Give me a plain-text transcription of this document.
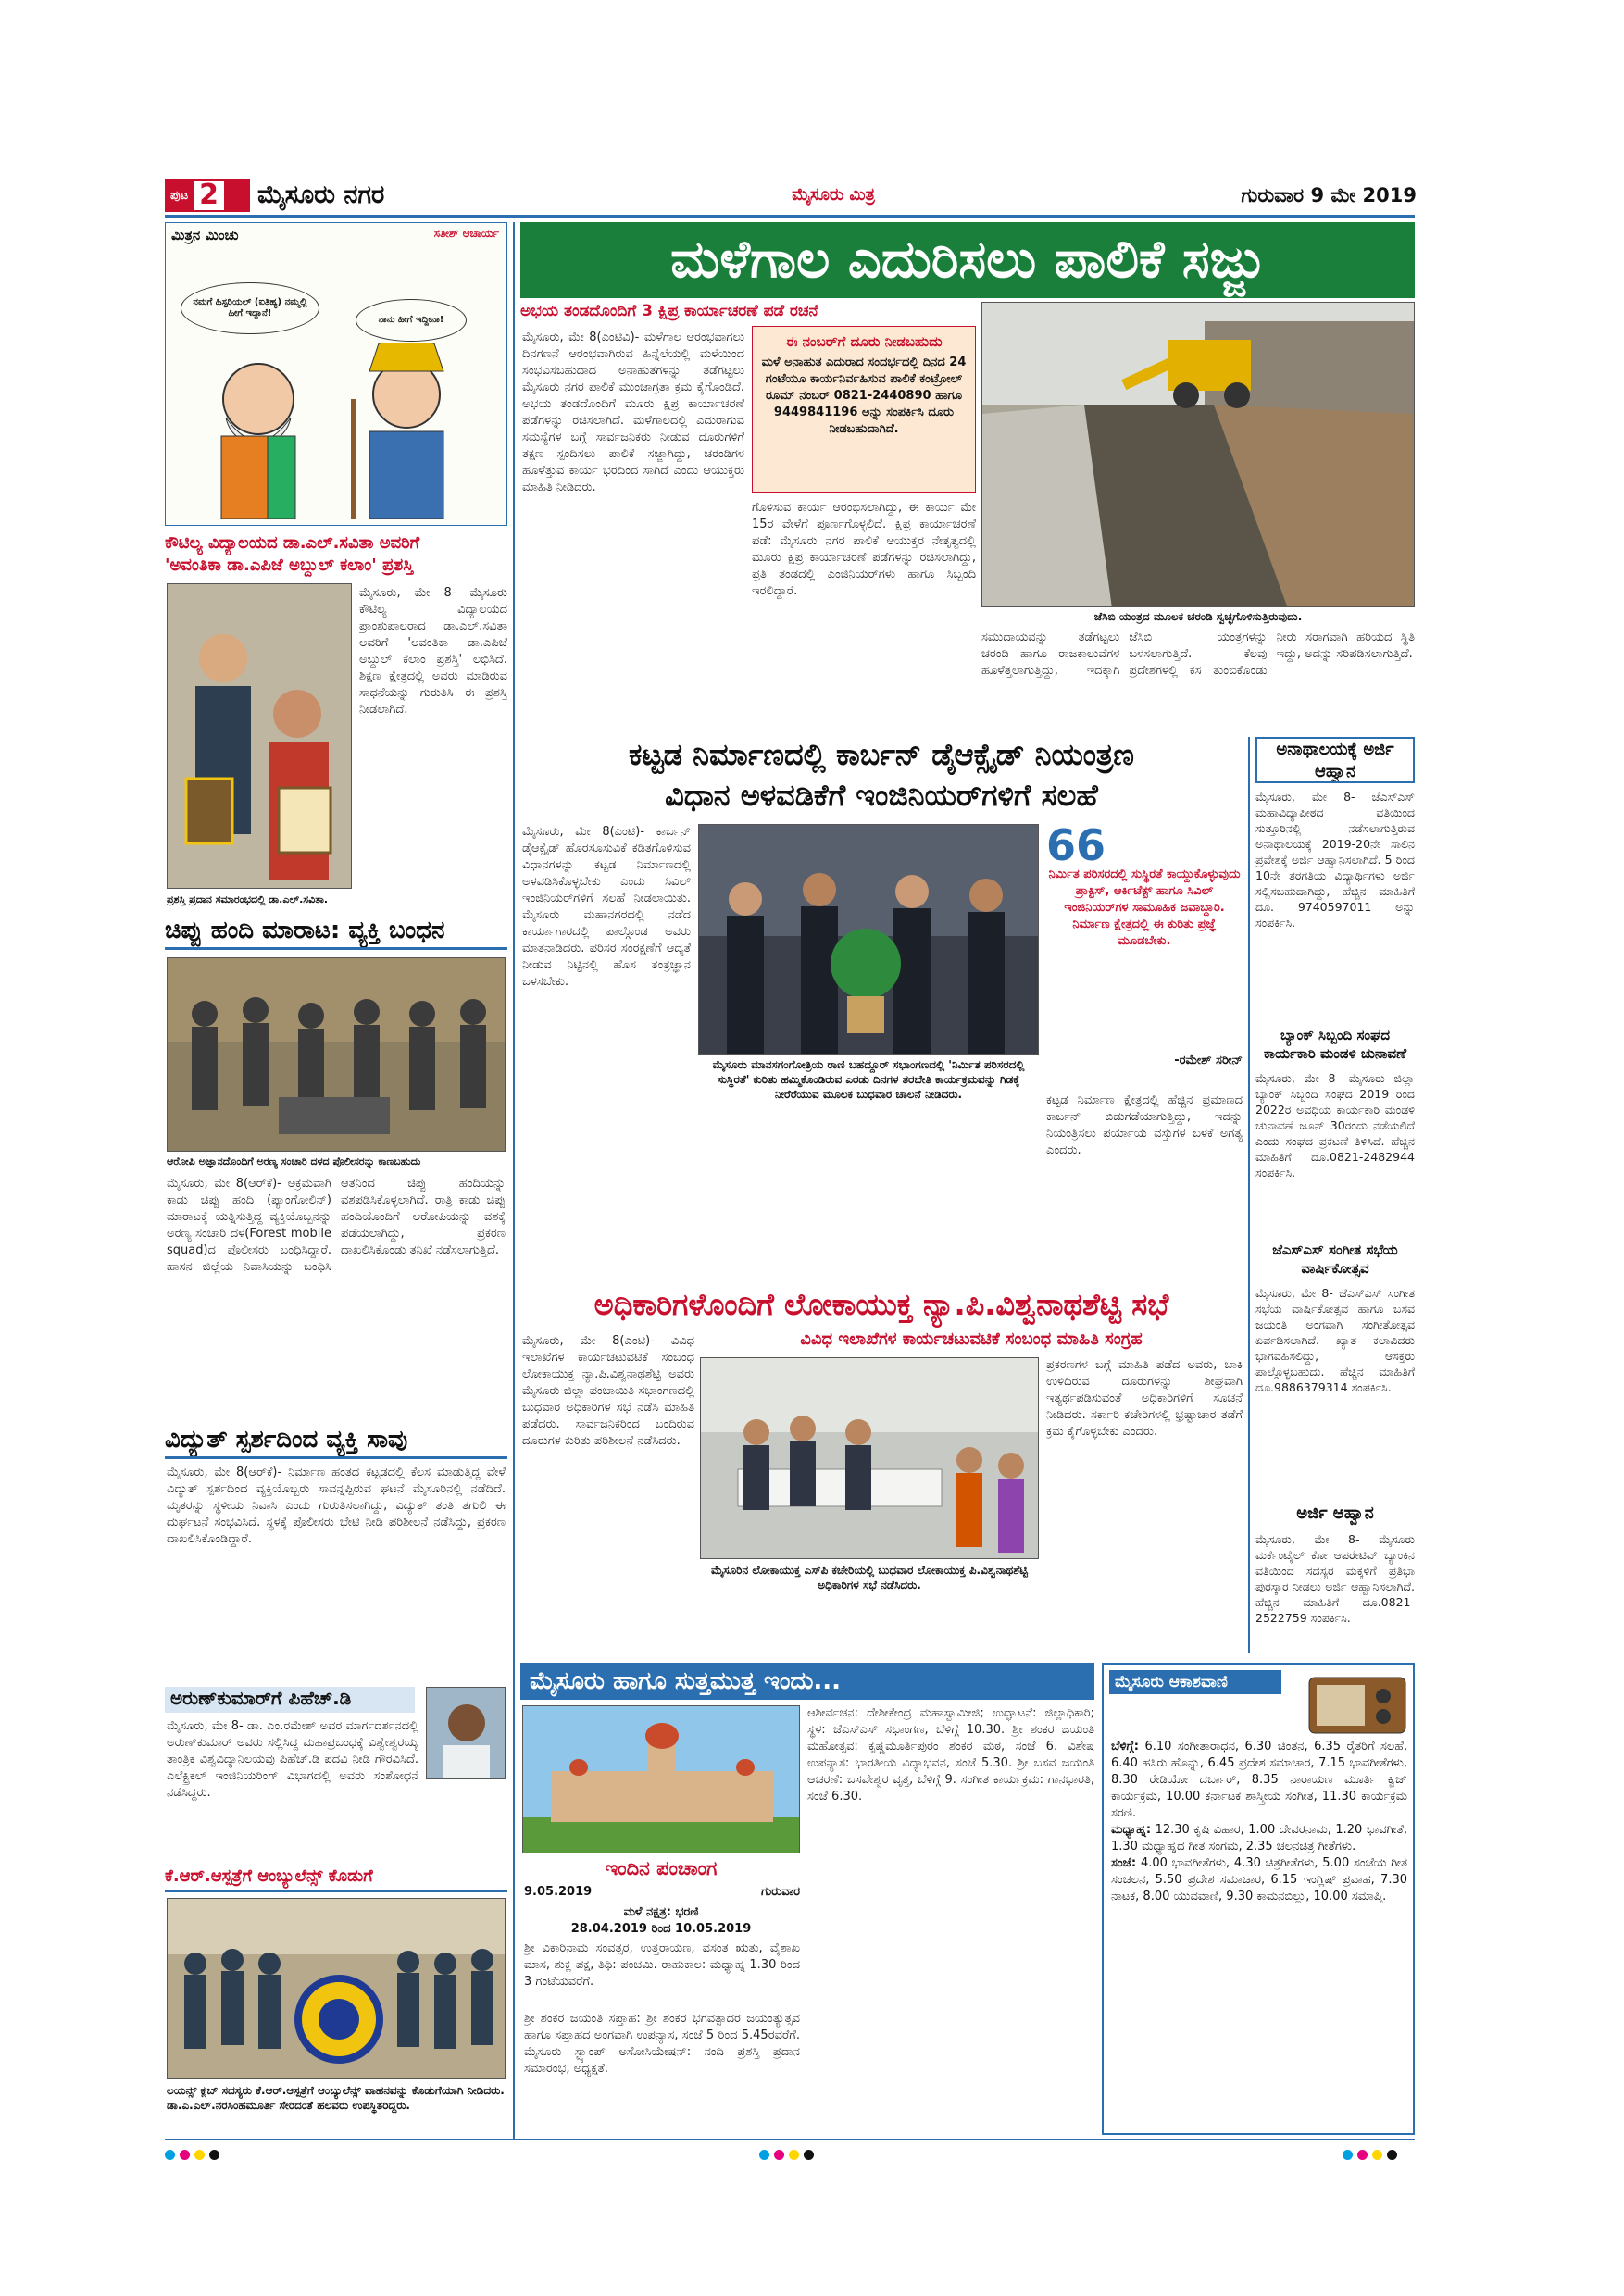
ಪುಟ 2 ಮೈಸೂರು ನಗರ	ಮೈಸೂರು ಮಿತ್ರ	ಗುರುವಾರ 9 ಮೇ 2019
ಮಿತ್ರನ ಮಿಂಚು	ಸತೀಶ್ ಆಚಾರ್ಯ
ನಮಗೆ ಹಿಸ್ಟರಿಯಲ್ (ಐತಿಹ್ಯ) ನಮ್ಮಲ್ಲಿ ಹೀಗೆ ಇದ್ದಾನೆ!
ನಾನು ಹೀಗೆ ಇದ್ದೀನಾ!
ಕೌಟಿಲ್ಯ ವಿದ್ಯಾಲಯದ ಡಾ.ಎಲ್.ಸವಿತಾ ಅವರಿಗೆ
'ಅವಂತಿಕಾ ಡಾ.ಎಪಿಜೆ ಅಬ್ದುಲ್ ಕಲಾಂ' ಪ್ರಶಸ್ತಿ
ಮೈಸೂರು, ಮೇ 8- ಮೈಸೂರು ಕೌಟಿಲ್ಯ ವಿದ್ಯಾಲಯದ ಪ್ರಾಂಶುಪಾಲರಾದ ಡಾ.ಎಲ್.ಸವಿತಾ ಅವರಿಗೆ 'ಅವಂತಿಕಾ ಡಾ.ಎಪಿಜೆ ಅಬ್ದುಲ್ ಕಲಾಂ ಪ್ರಶಸ್ತಿ' ಲಭಿಸಿದೆ. ಶಿಕ್ಷಣ ಕ್ಷೇತ್ರದಲ್ಲಿ ಅವರು ಮಾಡಿರುವ ಸಾಧನೆಯನ್ನು ಗುರುತಿಸಿ ಈ ಪ್ರಶಸ್ತಿ ನೀಡಲಾಗಿದೆ.
ಪ್ರಶಸ್ತಿ ಪ್ರದಾನ ಸಮಾರಂಭದಲ್ಲಿ ಡಾ.ಎಲ್.ಸವಿತಾ.
ಚಿಪ್ಪು ಹಂದಿ ಮಾರಾಟ: ವ್ಯಕ್ತಿ ಬಂಧನ
ಆರೋಪಿ ಅಜ್ಞಾನದೊಂದಿಗೆ ಅರಣ್ಯ ಸಂಚಾರಿ ದಳದ ಪೊಲೀಸರನ್ನು ಕಾಣಬಹುದು
ಮೈಸೂರು, ಮೇ 8(ಆರ್‌ಕೆ)- ಅಕ್ರಮವಾಗಿ ಕಾಡು ಚಿಪ್ಪು ಹಂದಿ (ಪ್ಯಾಂಗೋಲಿನ್) ಮಾರಾಟಕ್ಕೆ ಯತ್ನಿಸುತ್ತಿದ್ದ ವ್ಯಕ್ತಿಯೊಬ್ಬನನ್ನು ಅರಣ್ಯ ಸಂಚಾರಿ ದಳ(Forest mobile squad)ದ ಪೊಲೀಸರು ಬಂಧಿಸಿದ್ದಾರೆ. ಹಾಸನ ಜಿಲ್ಲೆಯ ನಿವಾಸಿಯನ್ನು ಬಂಧಿಸಿ ಆತನಿಂದ ಚಿಪ್ಪು ಹಂದಿಯನ್ನು ವಶಪಡಿಸಿಕೊಳ್ಳಲಾಗಿದೆ. ರಾತ್ರಿ ಕಾಡು ಚಿಪ್ಪು ಹಂದಿಯೊಂದಿಗೆ ಆರೋಪಿಯನ್ನು ವಶಕ್ಕೆ ಪಡೆಯಲಾಗಿದ್ದು, ಪ್ರಕರಣ ದಾಖಲಿಸಿಕೊಂಡು ತನಿಖೆ ನಡೆಸಲಾಗುತ್ತಿದೆ.
ವಿದ್ಯುತ್ ಸ್ಪರ್ಶದಿಂದ ವ್ಯಕ್ತಿ ಸಾವು
ಮೈಸೂರು, ಮೇ 8(ಆರ್‌ಕೆ)- ನಿರ್ಮಾಣ ಹಂತದ ಕಟ್ಟಡದಲ್ಲಿ ಕೆಲಸ ಮಾಡುತ್ತಿದ್ದ ವೇಳೆ ವಿದ್ಯುತ್ ಸ್ಪರ್ಶದಿಂದ ವ್ಯಕ್ತಿಯೊಬ್ಬರು ಸಾವನ್ನಪ್ಪಿರುವ ಘಟನೆ ಮೈಸೂರಿನಲ್ಲಿ ನಡೆದಿದೆ. ಮೃತರನ್ನು ಸ್ಥಳೀಯ ನಿವಾಸಿ ಎಂದು ಗುರುತಿಸಲಾಗಿದ್ದು, ವಿದ್ಯುತ್ ತಂತಿ ತಗುಲಿ ಈ ದುರ್ಘಟನೆ ಸಂಭವಿಸಿದೆ. ಸ್ಥಳಕ್ಕೆ ಪೊಲೀಸರು ಭೇಟಿ ನೀಡಿ ಪರಿಶೀಲನೆ ನಡೆಸಿದ್ದು, ಪ್ರಕರಣ ದಾಖಲಿಸಿಕೊಂಡಿದ್ದಾರೆ.
ಅರುಣ್‌ಕುಮಾರ್‌ಗೆ ಪಿಹೆಚ್.ಡಿ
ಮೈಸೂರು, ಮೇ 8- ಡಾ. ಎಂ.ರಮೇಶ್ ಅವರ ಮಾರ್ಗದರ್ಶನದಲ್ಲಿ ಅರುಣ್‌ಕುಮಾರ್ ಅವರು ಸಲ್ಲಿಸಿದ್ದ ಮಹಾಪ್ರಬಂಧಕ್ಕೆ ವಿಶ್ವೇಶ್ವರಯ್ಯ ತಾಂತ್ರಿಕ ವಿಶ್ವವಿದ್ಯಾನಿಲಯವು ಪಿಹೆಚ್.ಡಿ ಪದವಿ ನೀಡಿ ಗೌರವಿಸಿದೆ. ಎಲೆಕ್ಟ್ರಿಕಲ್ ಇಂಜಿನಿಯರಿಂಗ್ ವಿಭಾಗದಲ್ಲಿ ಅವರು ಸಂಶೋಧನೆ ನಡೆಸಿದ್ದರು.
ಕೆ.ಆರ್.ಆಸ್ಪತ್ರೆಗೆ ಆಂಬ್ಯುಲೆನ್ಸ್ ಕೊಡುಗೆ
ಲಯನ್ಸ್ ಕ್ಲಬ್ ಸದಸ್ಯರು ಕೆ.ಆರ್.ಆಸ್ಪತ್ರೆಗೆ ಆಂಬ್ಯುಲೆನ್ಸ್ ವಾಹನವನ್ನು ಕೊಡುಗೆಯಾಗಿ ನೀಡಿದರು. ಡಾ.ಎ.ಎಲ್.ನರಸಿಂಹಮೂರ್ತಿ ಸೇರಿದಂತೆ ಹಲವರು ಉಪಸ್ಥಿತರಿದ್ದರು.
ಮಳೆಗಾಲ ಎದುರಿಸಲು ಪಾಲಿಕೆ ಸಜ್ಜು
ಅಭಯ ತಂಡದೊಂದಿಗೆ 3 ಕ್ಷಿಪ್ರ ಕಾರ್ಯಾಚರಣೆ ಪಡೆ ರಚನೆ
ಮೈಸೂರು, ಮೇ 8(ಎಂಟಿವಿ)- ಮಳೆಗಾಲ ಆರಂಭವಾಗಲು ದಿನಗಣನೆ ಆರಂಭವಾಗಿರುವ ಹಿನ್ನೆಲೆಯಲ್ಲಿ ಮಳೆಯಿಂದ ಸಂಭವಿಸಬಹುದಾದ ಅನಾಹುತಗಳನ್ನು ತಡೆಗಟ್ಟಲು ಮೈಸೂರು ನಗರ ಪಾಲಿಕೆ ಮುಂಜಾಗ್ರತಾ ಕ್ರಮ ಕೈಗೊಂಡಿದೆ. ಅಭಯ ತಂಡದೊಂದಿಗೆ ಮೂರು ಕ್ಷಿಪ್ರ ಕಾರ್ಯಾಚರಣೆ ಪಡೆಗಳನ್ನು ರಚಿಸಲಾಗಿದೆ. ಮಳೆಗಾಲದಲ್ಲಿ ಎದುರಾಗುವ ಸಮಸ್ಯೆಗಳ ಬಗ್ಗೆ ಸಾರ್ವಜನಿಕರು ನೀಡುವ ದೂರುಗಳಿಗೆ ತಕ್ಷಣ ಸ್ಪಂದಿಸಲು ಪಾಲಿಕೆ ಸಜ್ಜಾಗಿದ್ದು, ಚರಂಡಿಗಳ ಹೂಳೆತ್ತುವ ಕಾರ್ಯ ಭರದಿಂದ ಸಾಗಿದೆ ಎಂದು ಆಯುಕ್ತರು ಮಾಹಿತಿ ನೀಡಿದರು.
ಈ ನಂಬರ್‌ಗೆ ದೂರು ನೀಡಬಹುದು
ಮಳೆ ಅನಾಹುತ ಎದುರಾದ ಸಂದರ್ಭದಲ್ಲಿ ದಿನದ 24 ಗಂಟೆಯೂ ಕಾರ್ಯನಿರ್ವಹಿಸುವ ಪಾಲಿಕೆ ಕಂಟ್ರೋಲ್ ರೂಮ್ ನಂಬರ್ 0821-2440890 ಹಾಗೂ 9449841196 ಅನ್ನು ಸಂಪರ್ಕಿಸಿ ದೂರು ನೀಡಬಹುದಾಗಿದೆ.
ಗೊಳಿಸುವ ಕಾರ್ಯ ಆರಂಭಿಸಲಾಗಿದ್ದು, ಈ ಕಾರ್ಯ ಮೇ 15ರ ವೇಳೆಗೆ ಪೂರ್ಣಗೊಳ್ಳಲಿದೆ. ಕ್ಷಿಪ್ರ ಕಾರ್ಯಾಚರಣೆ ಪಡೆ: ಮೈಸೂರು ನಗರ ಪಾಲಿಕೆ ಆಯುಕ್ತರ ನೇತೃತ್ವದಲ್ಲಿ ಮೂರು ಕ್ಷಿಪ್ರ ಕಾರ್ಯಾಚರಣೆ ಪಡೆಗಳನ್ನು ರಚಿಸಲಾಗಿದ್ದು, ಪ್ರತಿ ತಂಡದಲ್ಲಿ ಎಂಜಿನಿಯರ್‌ಗಳು ಹಾಗೂ ಸಿಬ್ಬಂದಿ ಇರಲಿದ್ದಾರೆ.
ಜೆಸಿಬಿ ಯಂತ್ರದ ಮೂಲಕ ಚರಂಡಿ ಸ್ವಚ್ಛಗೊಳಿಸುತ್ತಿರುವುದು.
ಸಮುದಾಯವನ್ನು ತಡೆಗಟ್ಟಲು ಚರಂಡಿ ಹಾಗೂ ರಾಜಕಾಲುವೆಗಳ ಹೂಳೆತ್ತಲಾಗುತ್ತಿದ್ದು, ಇದಕ್ಕಾಗಿ ಜೆಸಿಬಿ ಯಂತ್ರಗಳನ್ನು ಬಳಸಲಾಗುತ್ತಿದೆ. ಕೆಲವು ಪ್ರದೇಶಗಳಲ್ಲಿ ಕಸ ತುಂಬಿಕೊಂಡು ನೀರು ಸರಾಗವಾಗಿ ಹರಿಯದ ಸ್ಥಿತಿ ಇದ್ದು, ಅದನ್ನು ಸರಿಪಡಿಸಲಾಗುತ್ತಿದೆ.
ಕಟ್ಟಡ ನಿರ್ಮಾಣದಲ್ಲಿ ಕಾರ್ಬನ್ ಡೈಆಕ್ಸೈಡ್ ನಿಯಂತ್ರಣ
ವಿಧಾನ ಅಳವಡಿಕೆಗೆ ಇಂಜಿನಿಯರ್‌ಗಳಿಗೆ ಸಲಹೆ
ಮೈಸೂರು, ಮೇ 8(ಎಂಟಿ)- ಕಾರ್ಬನ್ ಡೈಆಕ್ಸೈಡ್ ಹೊರಸೂಸುವಿಕೆ ಕಡಿತಗೊಳಿಸುವ ವಿಧಾನಗಳನ್ನು ಕಟ್ಟಡ ನಿರ್ಮಾಣದಲ್ಲಿ ಅಳವಡಿಸಿಕೊಳ್ಳಬೇಕು ಎಂದು ಸಿವಿಲ್ ಇಂಜಿನಿಯರ್‌ಗಳಿಗೆ ಸಲಹೆ ನೀಡಲಾಯಿತು. ಮೈಸೂರು ಮಹಾನಗರದಲ್ಲಿ ನಡೆದ ಕಾರ್ಯಾಗಾರದಲ್ಲಿ ಪಾಲ್ಗೊಂಡ ಅವರು ಮಾತನಾಡಿದರು. ಪರಿಸರ ಸಂರಕ್ಷಣೆಗೆ ಆದ್ಯತೆ ನೀಡುವ ನಿಟ್ಟಿನಲ್ಲಿ ಹೊಸ ತಂತ್ರಜ್ಞಾನ ಬಳಸಬೇಕು.
ಮೈಸೂರು ಮಾನಸಗಂಗೋತ್ರಿಯ ರಾಣಿ ಬಹದ್ದೂರ್ ಸಭಾಂಗಣದಲ್ಲಿ 'ನಿರ್ಮಿತ ಪರಿಸರದಲ್ಲಿ ಸುಸ್ಥಿರತೆ' ಕುರಿತು ಹಮ್ಮಿಕೊಂಡಿರುವ ಎರಡು ದಿನಗಳ ತರಬೇತಿ ಕಾರ್ಯಕ್ರಮವನ್ನು ಗಿಡಕ್ಕೆ ನೀರೆರೆಯುವ ಮೂಲಕ ಬುಧವಾರ ಚಾಲನೆ ನೀಡಿದರು.
66
ನಿರ್ಮಿತ ಪರಿಸರದಲ್ಲಿ ಸುಸ್ಥಿರತೆ ಕಾಯ್ದುಕೊಳ್ಳುವುದು ಪ್ರಾಕ್ಟಿಸ್, ಆರ್ಕಿಟೆಕ್ಟ್ ಹಾಗೂ ಸಿವಿಲ್ ಇಂಜಿನಿಯರ್‌ಗಳ ಸಾಮೂಹಿಕ ಜವಾಬ್ದಾರಿ. ನಿರ್ಮಾಣ ಕ್ಷೇತ್ರದಲ್ಲಿ ಈ ಕುರಿತು ಪ್ರಜ್ಞೆ ಮೂಡಬೇಕು.
-ರಮೇಶ್ ಸರೀನ್
ಕಟ್ಟಡ ನಿರ್ಮಾಣ ಕ್ಷೇತ್ರದಲ್ಲಿ ಹೆಚ್ಚಿನ ಪ್ರಮಾಣದ ಕಾರ್ಬನ್ ಬಿಡುಗಡೆಯಾಗುತ್ತಿದ್ದು, ಇದನ್ನು ನಿಯಂತ್ರಿಸಲು ಪರ್ಯಾಯ ವಸ್ತುಗಳ ಬಳಕೆ ಅಗತ್ಯ ಎಂದರು.
ಅನಾಥಾಲಯಕ್ಕೆ ಅರ್ಜಿ ಆಹ್ವಾನ
ಮೈಸೂರು, ಮೇ 8- ಜೆಎಸ್‌ಎಸ್ ಮಹಾವಿದ್ಯಾಪೀಠದ ವತಿಯಿಂದ ಸುತ್ತೂರಿನಲ್ಲಿ ನಡೆಸಲಾಗುತ್ತಿರುವ ಅನಾಥಾಲಯಕ್ಕೆ 2019-20ನೇ ಸಾಲಿನ ಪ್ರವೇಶಕ್ಕೆ ಅರ್ಜಿ ಆಹ್ವಾನಿಸಲಾಗಿದೆ. 5 ರಿಂದ 10ನೇ ತರಗತಿಯ ವಿದ್ಯಾರ್ಥಿಗಳು ಅರ್ಜಿ ಸಲ್ಲಿಸಬಹುದಾಗಿದ್ದು, ಹೆಚ್ಚಿನ ಮಾಹಿತಿಗೆ ದೂ. 9740597011 ಅನ್ನು ಸಂಪರ್ಕಿಸಿ.
ಬ್ಯಾಂಕ್ ಸಿಬ್ಬಂದಿ ಸಂಘದ ಕಾರ್ಯಕಾರಿ ಮಂಡಳಿ ಚುನಾವಣೆ
ಮೈಸೂರು, ಮೇ 8- ಮೈಸೂರು ಜಿಲ್ಲಾ ಬ್ಯಾಂಕ್ ಸಿಬ್ಬಂದಿ ಸಂಘದ 2019 ರಿಂದ 2022ರ ಅವಧಿಯ ಕಾರ್ಯಕಾರಿ ಮಂಡಳಿ ಚುನಾವಣೆ ಜೂನ್ 30ರಂದು ನಡೆಯಲಿದೆ ಎಂದು ಸಂಘದ ಪ್ರಕಟಣೆ ತಿಳಿಸಿದೆ. ಹೆಚ್ಚಿನ ಮಾಹಿತಿಗೆ ದೂ.0821-2482944 ಸಂಪರ್ಕಿಸಿ.
ಜೆಎಸ್‌ಎಸ್ ಸಂಗೀತ ಸಭೆಯ ವಾರ್ಷಿಕೋತ್ಸವ
ಮೈಸೂರು, ಮೇ 8- ಜೆಎಸ್‌ಎಸ್ ಸಂಗೀತ ಸಭೆಯ ವಾರ್ಷಿಕೋತ್ಸವ ಹಾಗೂ ಬಸವ ಜಯಂತಿ ಅಂಗವಾಗಿ ಸಂಗೀತೋತ್ಸವ ಏರ್ಪಡಿಸಲಾಗಿದೆ. ಖ್ಯಾತ ಕಲಾವಿದರು ಭಾಗವಹಿಸಲಿದ್ದು, ಆಸಕ್ತರು ಪಾಲ್ಗೊಳ್ಳಬಹುದು. ಹೆಚ್ಚಿನ ಮಾಹಿತಿಗೆ ದೂ.9886379314 ಸಂಪರ್ಕಿಸಿ.
ಅರ್ಜಿ ಆಹ್ವಾನ
ಮೈಸೂರು, ಮೇ 8- ಮೈಸೂರು ಮರ್ಕೆಂಟೈಲ್ ಕೋ ಆಪರೇಟಿವ್ ಬ್ಯಾಂಕಿನ ವತಿಯಿಂದ ಸದಸ್ಯರ ಮಕ್ಕಳಿಗೆ ಪ್ರತಿಭಾ ಪುರಸ್ಕಾರ ನೀಡಲು ಅರ್ಜಿ ಆಹ್ವಾನಿಸಲಾಗಿದೆ. ಹೆಚ್ಚಿನ ಮಾಹಿತಿಗೆ ದೂ.0821-2522759 ಸಂಪರ್ಕಿಸಿ.
ಅಧಿಕಾರಿಗಳೊಂದಿಗೆ ಲೋಕಾಯುಕ್ತ ನ್ಯಾ.ಪಿ.ವಿಶ್ವನಾಥಶೆಟ್ಟಿ ಸಭೆ
ವಿವಿಧ ಇಲಾಖೆಗಳ ಕಾರ್ಯಚಟುವಟಿಕೆ ಸಂಬಂಧ ಮಾಹಿತಿ ಸಂಗ್ರಹ
ಮೈಸೂರು, ಮೇ 8(ಎಂಟಿ)- ವಿವಿಧ ಇಲಾಖೆಗಳ ಕಾರ್ಯಚಟುವಟಿಕೆ ಸಂಬಂಧ ಲೋಕಾಯುಕ್ತ ನ್ಯಾ.ಪಿ.ವಿಶ್ವನಾಥಶೆಟ್ಟಿ ಅವರು ಮೈಸೂರು ಜಿಲ್ಲಾ ಪಂಚಾಯಿತಿ ಸಭಾಂಗಣದಲ್ಲಿ ಬುಧವಾರ ಅಧಿಕಾರಿಗಳ ಸಭೆ ನಡೆಸಿ ಮಾಹಿತಿ ಪಡೆದರು. ಸಾರ್ವಜನಿಕರಿಂದ ಬಂದಿರುವ ದೂರುಗಳ ಕುರಿತು ಪರಿಶೀಲನೆ ನಡೆಸಿದರು.
ಮೈಸೂರಿನ ಲೋಕಾಯುಕ್ತ ಎಸ್‌ಪಿ ಕಚೇರಿಯಲ್ಲಿ ಬುಧವಾರ ಲೋಕಾಯುಕ್ತ ಪಿ.ವಿಶ್ವನಾಥಶೆಟ್ಟಿ ಅಧಿಕಾರಿಗಳ ಸಭೆ ನಡೆಸಿದರು.
ಪ್ರಕರಣಗಳ ಬಗ್ಗೆ ಮಾಹಿತಿ ಪಡೆದ ಅವರು, ಬಾಕಿ ಉಳಿದಿರುವ ದೂರುಗಳನ್ನು ಶೀಘ್ರವಾಗಿ ಇತ್ಯರ್ಥಪಡಿಸುವಂತೆ ಅಧಿಕಾರಿಗಳಿಗೆ ಸೂಚನೆ ನೀಡಿದರು. ಸರ್ಕಾರಿ ಕಚೇರಿಗಳಲ್ಲಿ ಭ್ರಷ್ಟಾಚಾರ ತಡೆಗೆ ಕ್ರಮ ಕೈಗೊಳ್ಳಬೇಕು ಎಂದರು.
ಮೈಸೂರು ಹಾಗೂ ಸುತ್ತಮುತ್ತ ಇಂದು...
ಇಂದಿನ ಪಂಚಾಂಗ
9.05.2019	ಗುರುವಾರ
ಮಳೆ ನಕ್ಷತ್ರ: ಭರಣಿ
28.04.2019 ರಿಂದ 10.05.2019
ಶ್ರೀ ವಿಕಾರಿನಾಮ ಸಂವತ್ಸರ, ಉತ್ತರಾಯಣ, ವಸಂತ ಋತು, ವೈಶಾಖ ಮಾಸ, ಶುಕ್ಲ ಪಕ್ಷ, ತಿಥಿ: ಪಂಚಮಿ. ರಾಹುಕಾಲ: ಮಧ್ಯಾಹ್ನ 1.30 ರಿಂದ 3 ಗಂಟೆಯವರೆಗೆ.
ಶ್ರೀ ಶಂಕರ ಜಯಂತಿ ಸಪ್ತಾಹ: ಶ್ರೀ ಶಂಕರ ಭಗವತ್ಪಾದರ ಜಯಂತ್ಯುತ್ಸವ ಹಾಗೂ ಸಪ್ತಾಹದ ಅಂಗವಾಗಿ ಉಪನ್ಯಾಸ, ಸಂಜೆ 5 ರಿಂದ 5.45ರವರೆಗೆ. ಮೈಸೂರು ಸ್ಟ್ಯಾಂಪ್ ಅಸೋಸಿಯೇಷನ್: ನಂದಿ ಪ್ರಶಸ್ತಿ ಪ್ರದಾನ ಸಮಾರಂಭ, ಅಧ್ಯಕ್ಷತೆ.
ಆಶೀರ್ವಚನ: ದೇಶೀಕೇಂದ್ರ ಮಹಾಸ್ವಾಮೀಜಿ; ಉದ್ಘಾಟನೆ: ಜಿಲ್ಲಾಧಿಕಾರಿ; ಸ್ಥಳ: ಜೆಎಸ್‌ಎಸ್ ಸಭಾಂಗಣ, ಬೆಳಿಗ್ಗೆ 10.30. ಶ್ರೀ ಶಂಕರ ಜಯಂತಿ ಮಹೋತ್ಸವ: ಕೃಷ್ಣಮೂರ್ತಿಪುರಂ ಶಂಕರ ಮಠ, ಸಂಜೆ 6. ವಿಶೇಷ ಉಪನ್ಯಾಸ: ಭಾರತೀಯ ವಿದ್ಯಾಭವನ, ಸಂಜೆ 5.30. ಶ್ರೀ ಬಸವ ಜಯಂತಿ ಆಚರಣೆ: ಬಸವೇಶ್ವರ ವೃತ್ತ, ಬೆಳಿಗ್ಗೆ 9. ಸಂಗೀತ ಕಾರ್ಯಕ್ರಮ: ಗಾನಭಾರತಿ, ಸಂಜೆ 6.30.
ಮೈಸೂರು ಆಕಾಶವಾಣಿ
ಬೆಳಿಗ್ಗೆ: 6.10 ಸಂಗೀತಾರಾಧನ, 6.30 ಚಿಂತನ, 6.35 ರೈತರಿಗೆ ಸಲಹೆ, 6.40 ಹಸಿರು ಹೊನ್ನು, 6.45 ಪ್ರದೇಶ ಸಮಾಚಾರ, 7.15 ಭಾವಗೀತೆಗಳು, 8.30 ರೇಡಿಯೋ ದರ್ಬಾರ್, 8.35 ನಾರಾಯಣ ಮೂರ್ತಿ ಕ್ವಿಜ್ ಕಾರ್ಯಕ್ರಮ, 10.00 ಕರ್ನಾಟಕ ಶಾಸ್ತ್ರೀಯ ಸಂಗೀತ, 11.30 ಕಾರ್ಯಕ್ರಮ ಸರಣಿ.
ಮಧ್ಯಾಹ್ನ: 12.30 ಕೃಷಿ ವಿಹಾರ, 1.00 ದೇವರನಾಮ, 1.20 ಭಾವಗೀತೆ, 1.30 ಮಧ್ಯಾಹ್ನದ ಗೀತ ಸಂಗಮ, 2.35 ಚಲನಚಿತ್ರ ಗೀತೆಗಳು.
ಸಂಜೆ: 4.00 ಭಾವಗೀತೆಗಳು, 4.30 ಚಿತ್ರಗೀತೆಗಳು, 5.00 ಸಂಜೆಯ ಗೀತ ಸಂಚಲನ, 5.50 ಪ್ರದೇಶ ಸಮಾಚಾರ, 6.15 ಇಂಗ್ಲಿಷ್ ಪ್ರವಾಹ, 7.30 ನಾಟಕ, 8.00 ಯುವವಾಣಿ, 9.30 ಕಾಮನಬಿಲ್ಲು, 10.00 ಸಮಾಪ್ತಿ.
